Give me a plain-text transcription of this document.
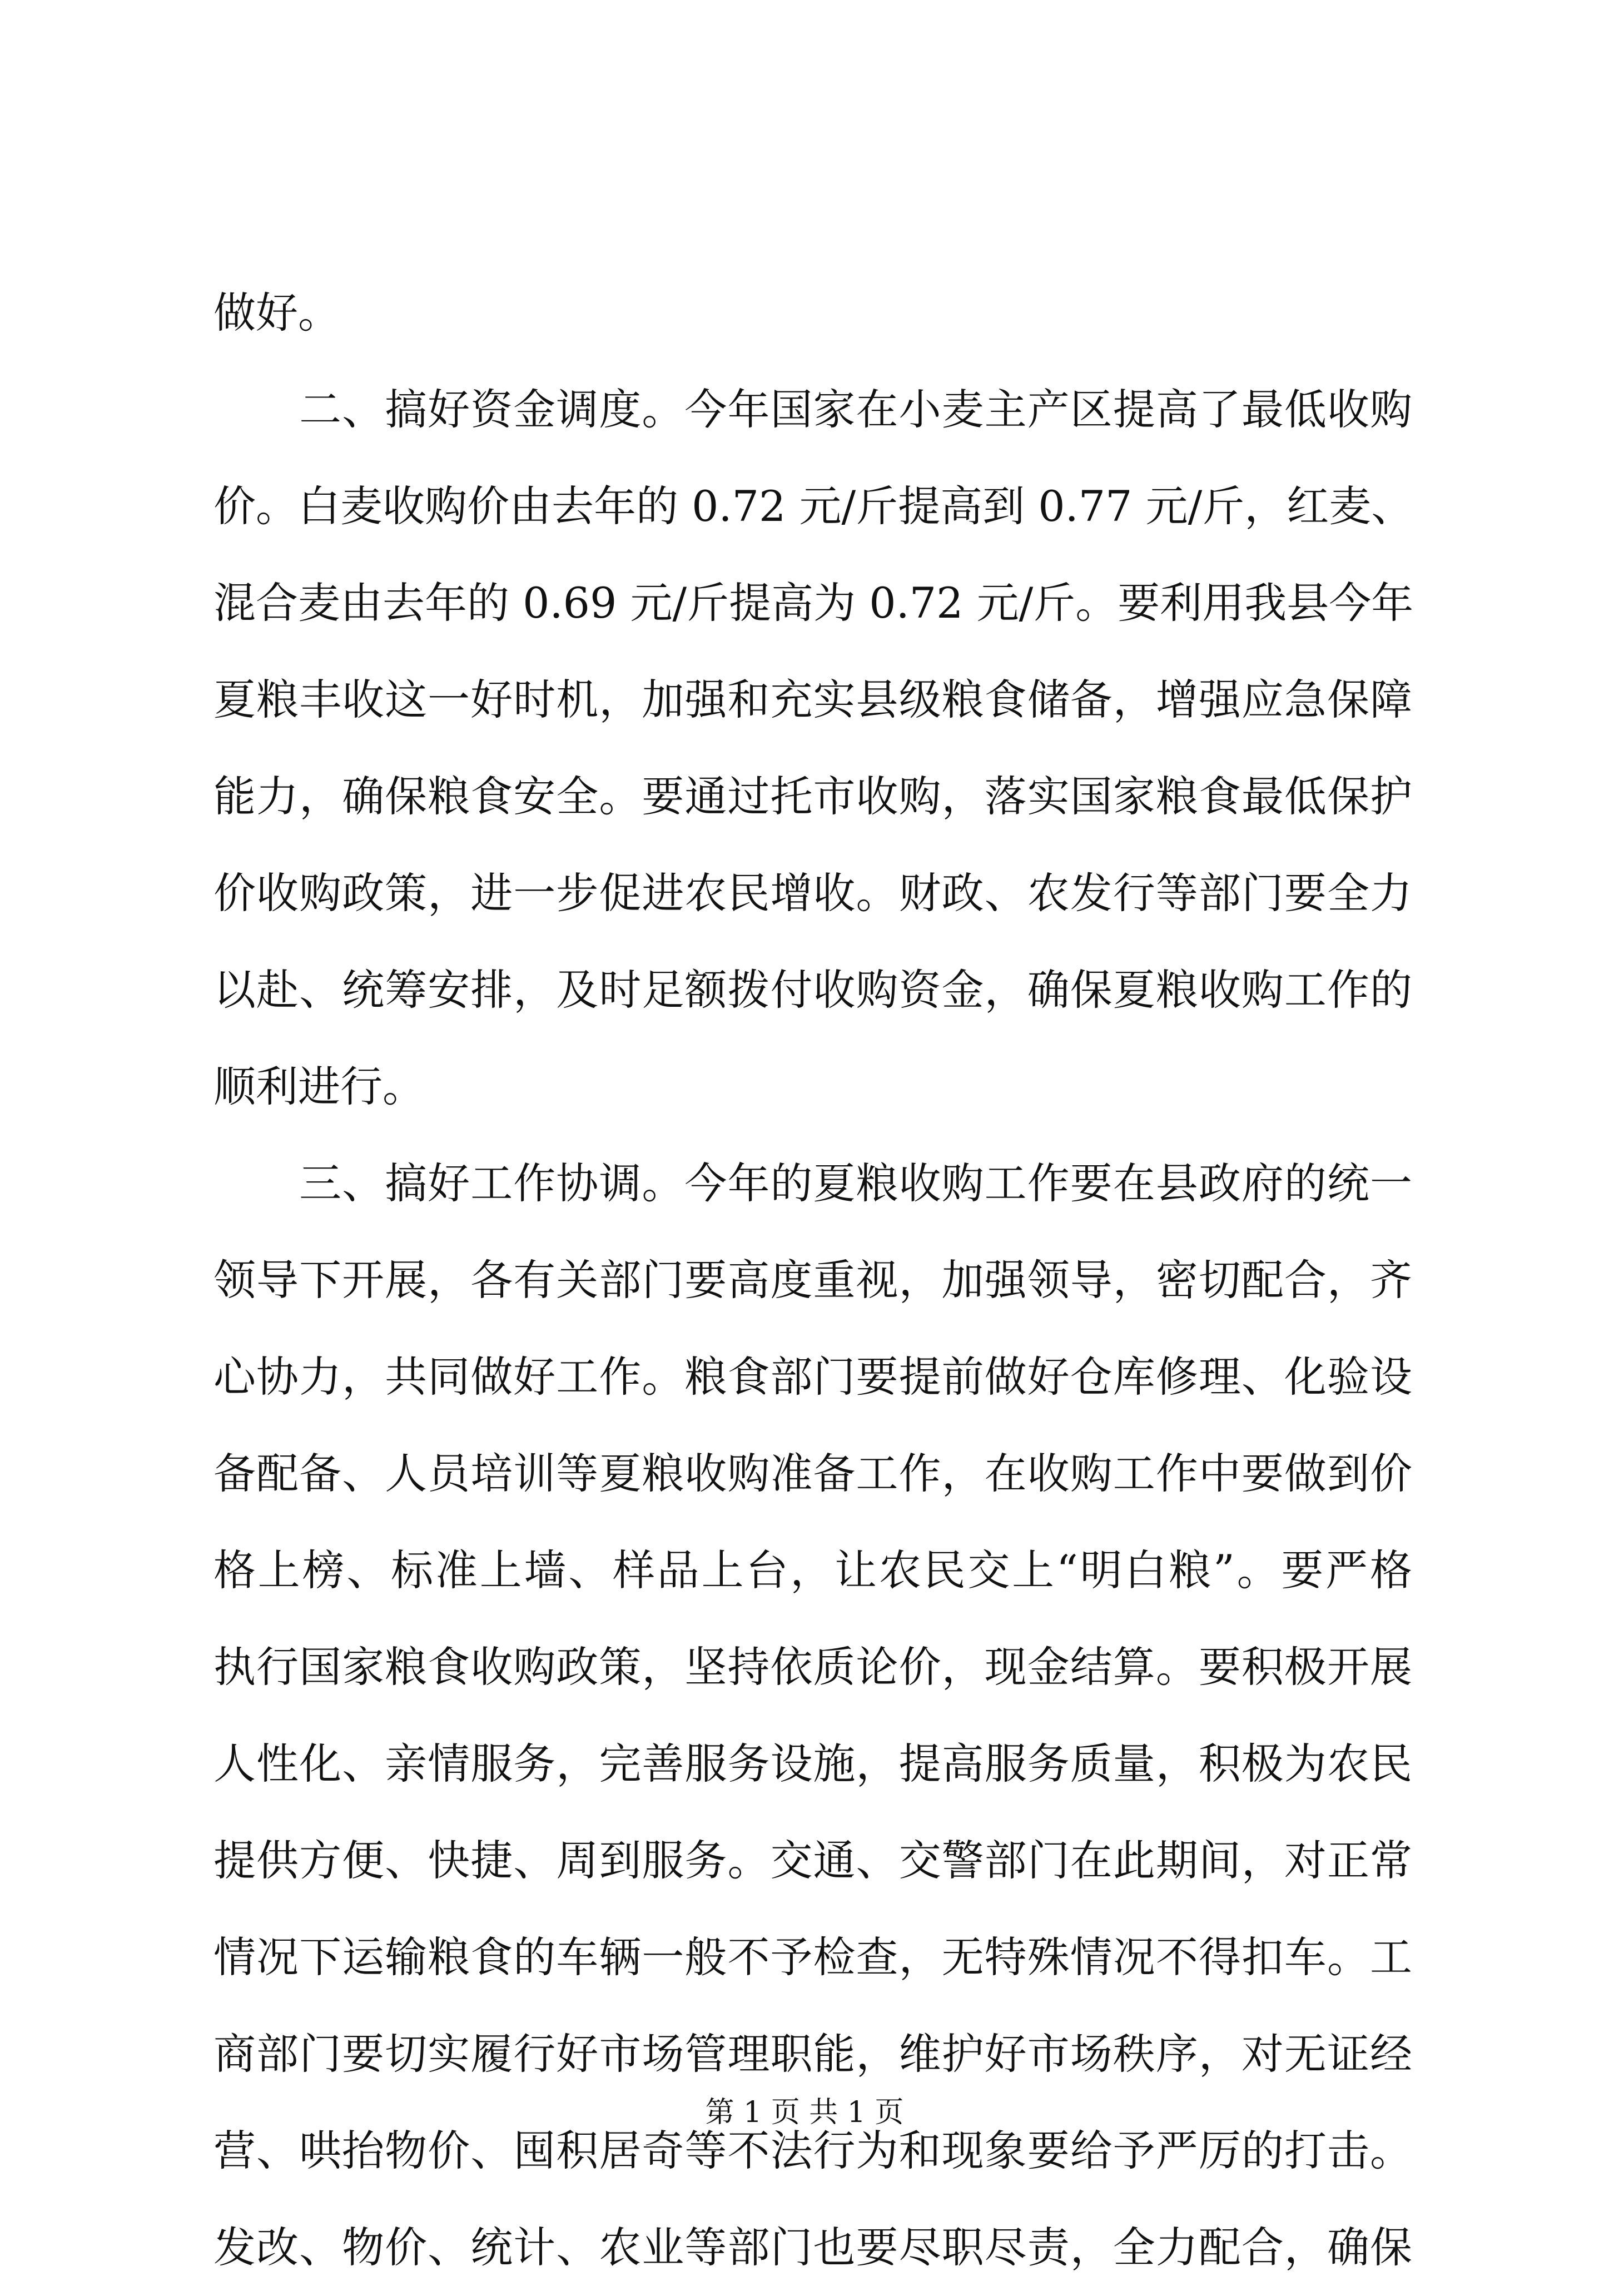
做好。
　　二、搞好资金调度。今年国家在小麦主产区提高了最低收购
价。白麦收购价由去年的 0.72 元/斤提高到 0.77 元/斤，红麦、
混合麦由去年的 0.69 元/斤提高为 0.72 元/斤。要利用我县今年
夏粮丰收这一好时机，加强和充实县级粮食储备，增强应急保障
能力，确保粮食安全。要通过托市收购，落实国家粮食最低保护
价收购政策，进一步促进农民增收。财政、农发行等部门要全力
以赴、统筹安排，及时足额拨付收购资金，确保夏粮收购工作的
顺利进行。
　　三、搞好工作协调。今年的夏粮收购工作要在县政府的统一
领导下开展，各有关部门要高度重视，加强领导，密切配合，齐
心协力，共同做好工作。粮食部门要提前做好仓库修理、化验设
备配备、人员培训等夏粮收购准备工作，在收购工作中要做到价
格上榜、标准上墙、样品上台，让农民交上“明白粮”。要严格
执行国家粮食收购政策，坚持依质论价，现金结算。要积极开展
人性化、亲情服务，完善服务设施，提高服务质量，积极为农民
提供方便、快捷、周到服务。交通、交警部门在此期间，对正常
情况下运输粮食的车辆一般不予检查，无特殊情况不得扣车。工
商部门要切实履行好市场管理职能，维护好市场秩序，对无证经
营、哄抬物价、囤积居奇等不法行为和现象要给予严厉的打击。
发改、物价、统计、农业等部门也要尽职尽责，全力配合，确保
第 1 页 共 1 页
